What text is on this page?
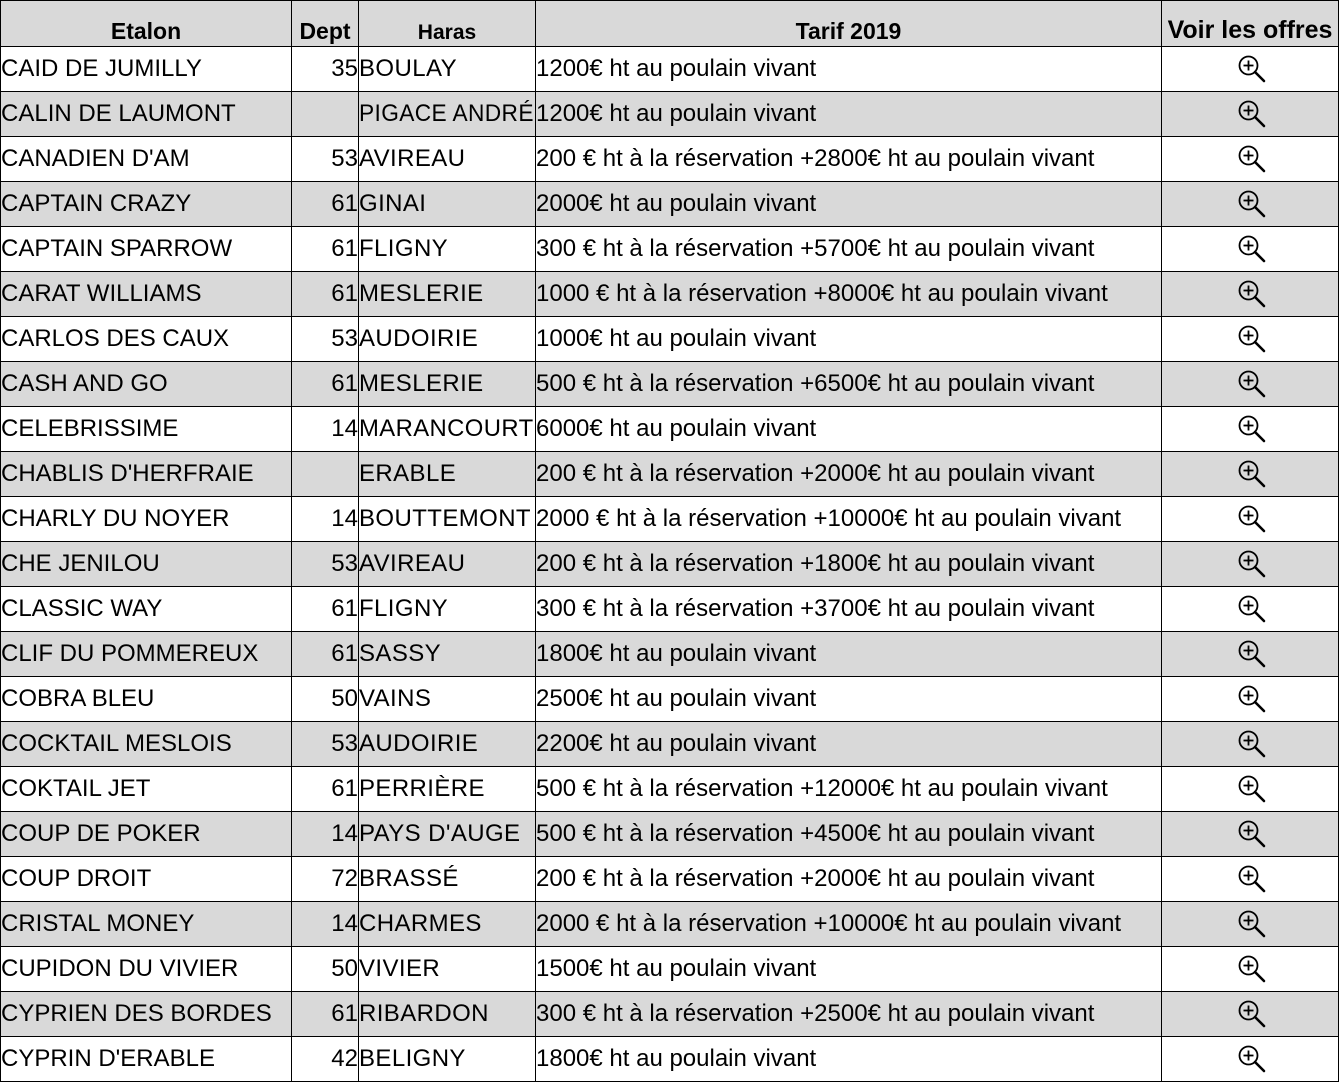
Etalon	Dept	Haras	Tarif 2019	Voir les offres
CAID DE JUMILLY	35	BOULAY	1200€ ht au poulain vivant	

CALIN DE LAUMONT		PIGACE ANDRÉ	1200€ ht au poulain vivant	

CANADIEN D'AM	53	AVIREAU	200 € ht à la réservation +2800€ ht au poulain vivant	

CAPTAIN CRAZY	61	GINAI	2000€ ht au poulain vivant	

CAPTAIN SPARROW	61	FLIGNY	300 € ht à la réservation +5700€ ht au poulain vivant	

CARAT WILLIAMS	61	MESLERIE	1000 € ht à la réservation +8000€ ht au poulain vivant	

CARLOS DES CAUX	53	AUDOIRIE	1000€ ht au poulain vivant	

CASH AND GO	61	MESLERIE	500 € ht à la réservation +6500€ ht au poulain vivant	

CELEBRISSIME	14	MARANCOURT	6000€ ht au poulain vivant	

CHABLIS D'HERFRAIE		ERABLE	200 € ht à la réservation +2000€ ht au poulain vivant	

CHARLY DU NOYER	14	BOUTTEMONT	2000 € ht à la réservation +10000€ ht au poulain vivant	

CHE JENILOU	53	AVIREAU	200 € ht à la réservation +1800€ ht au poulain vivant	

CLASSIC WAY	61	FLIGNY	300 € ht à la réservation +3700€ ht au poulain vivant	

CLIF DU POMMEREUX	61	SASSY	1800€ ht au poulain vivant	

COBRA BLEU	50	VAINS	2500€ ht au poulain vivant	

COCKTAIL MESLOIS	53	AUDOIRIE	2200€ ht au poulain vivant	

COKTAIL JET	61	PERRIÈRE	500 € ht à la réservation +12000€ ht au poulain vivant	

COUP DE POKER	14	PAYS D'AUGE	500 € ht à la réservation +4500€ ht au poulain vivant	

COUP DROIT	72	BRASSÉ	200 € ht à la réservation +2000€ ht au poulain vivant	

CRISTAL MONEY	14	CHARMES	2000 € ht à la réservation +10000€ ht au poulain vivant	

CUPIDON DU VIVIER	50	VIVIER	1500€ ht au poulain vivant	

CYPRIEN DES BORDES	61	RIBARDON	300 € ht à la réservation +2500€ ht au poulain vivant	

CYPRIN D'ERABLE	42	BELIGNY	1800€ ht au poulain vivant	
